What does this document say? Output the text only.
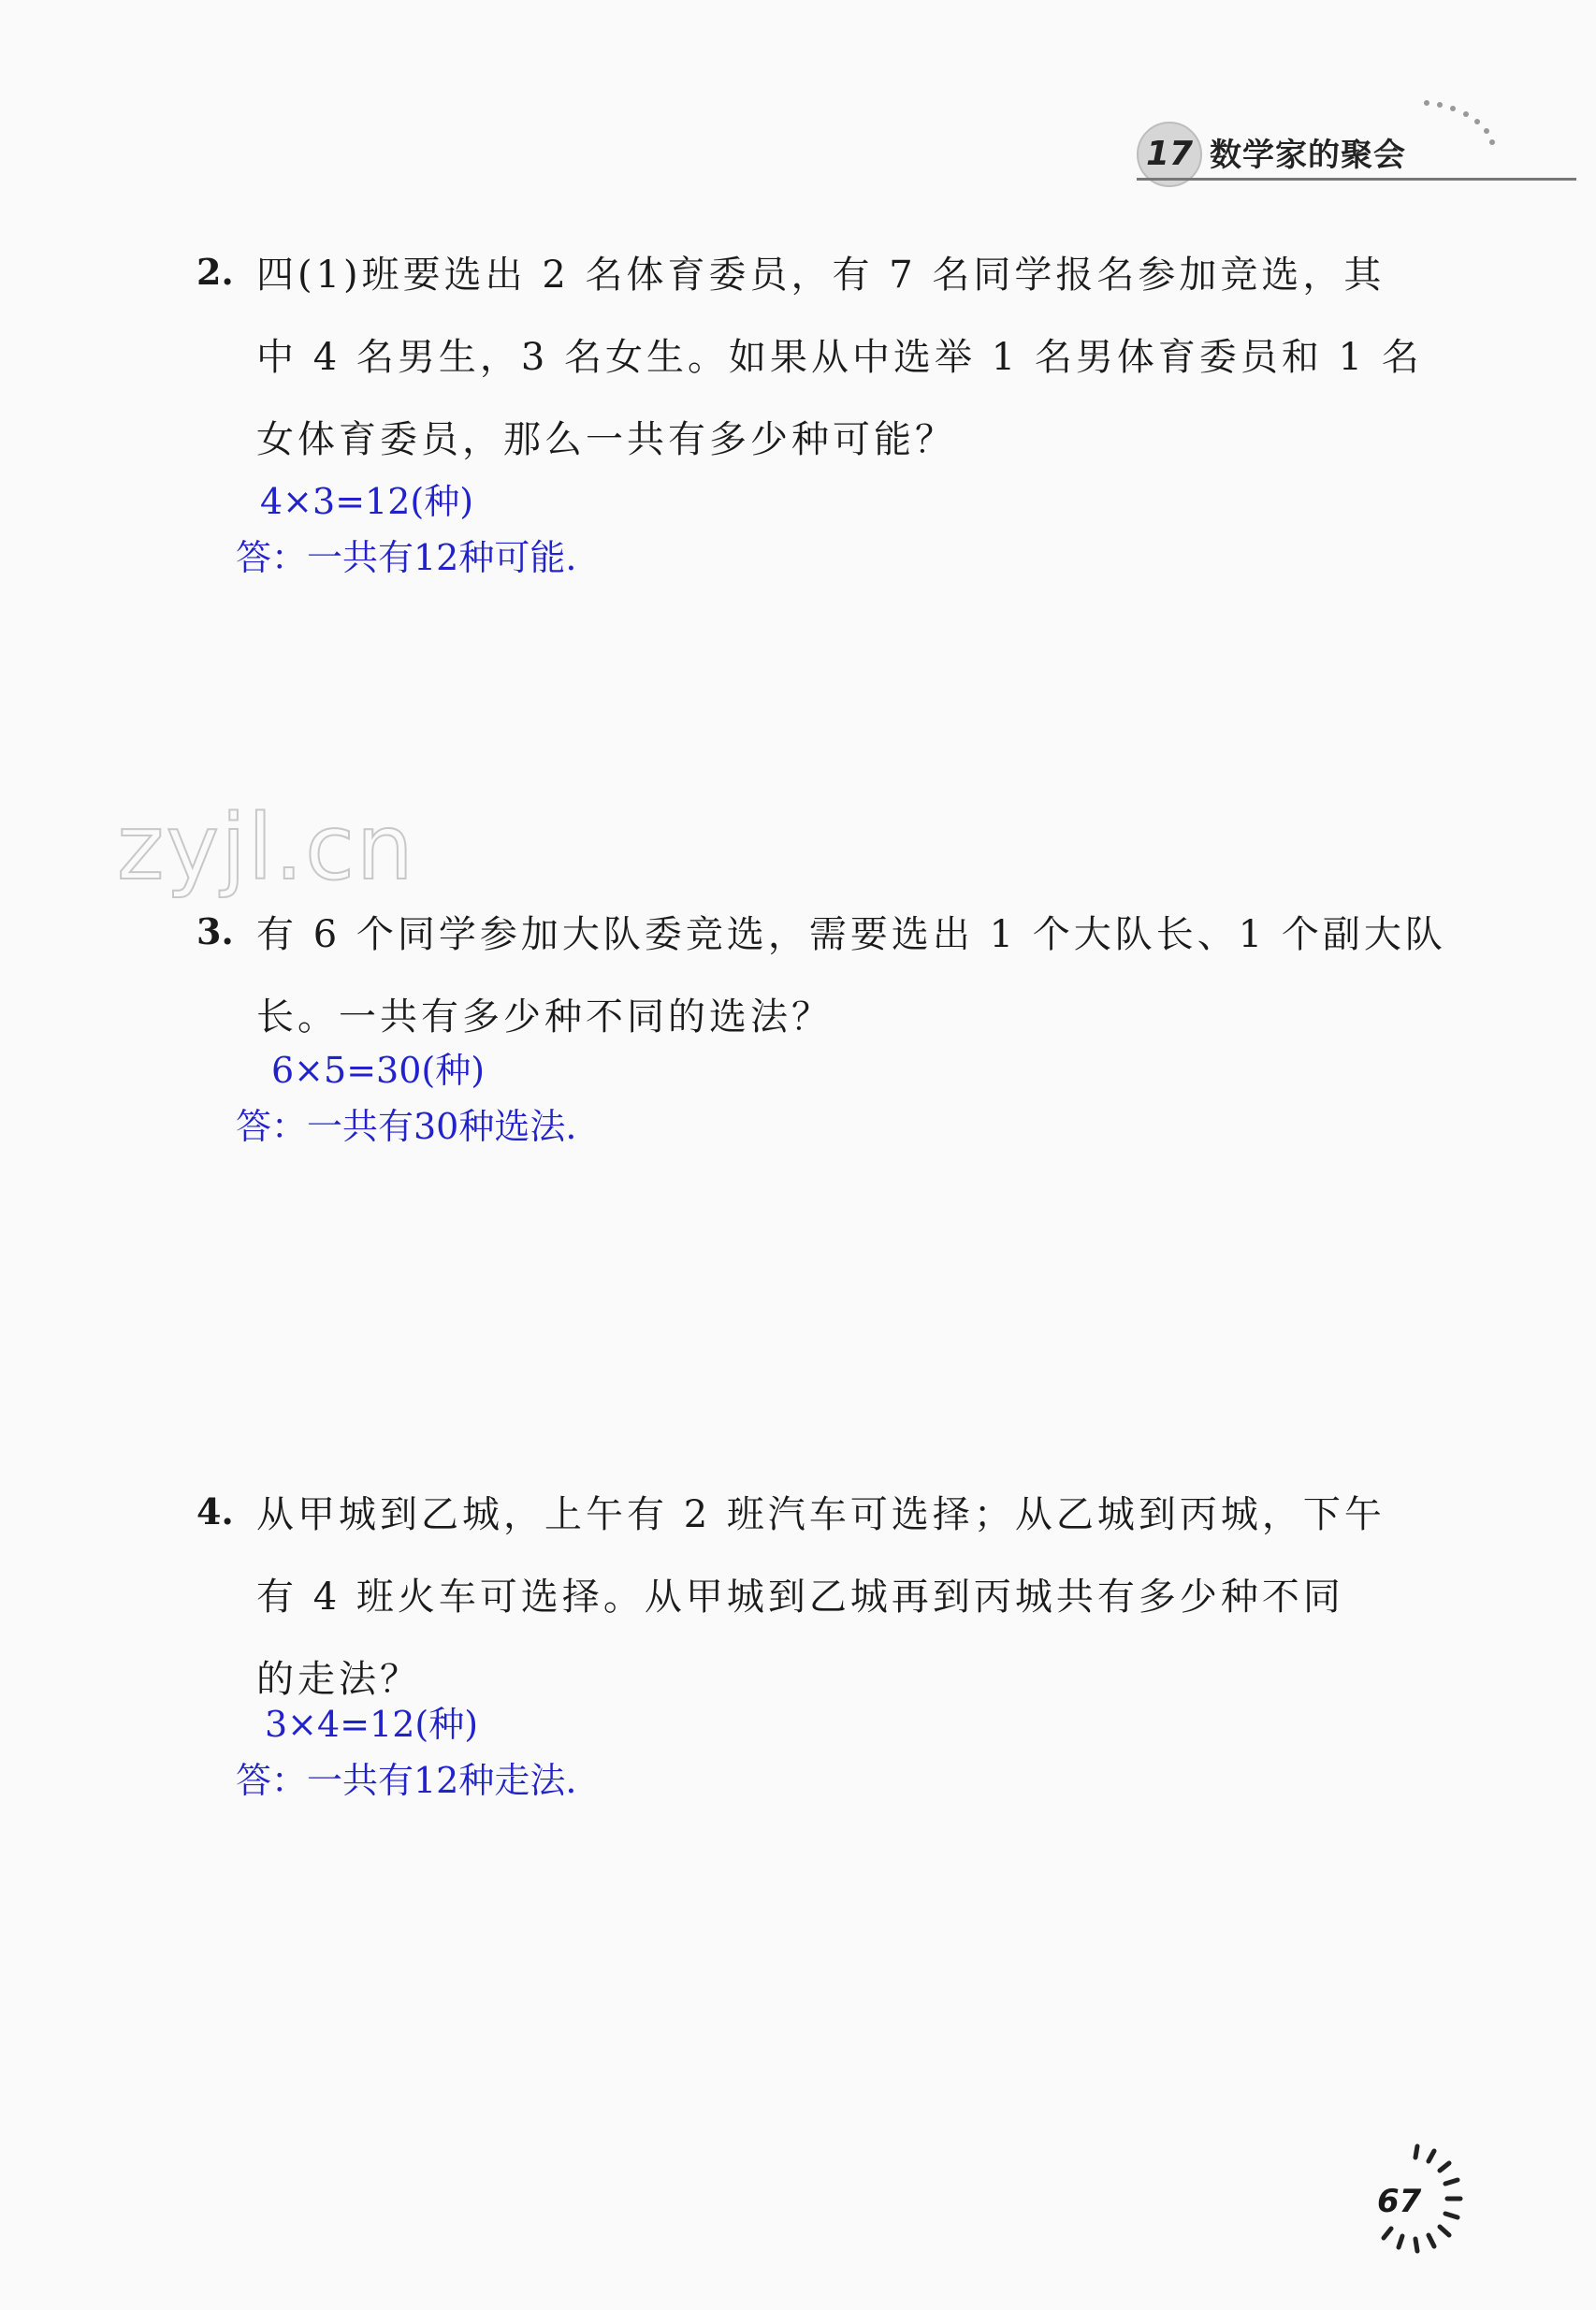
17 数学家的聚会
2. 四(1)班要选出 2 名体育委员，有 7 名同学报名参加竞选，其
中 4 名男生，3 名女生。如果从中选举 1 名男体育委员和 1 名
女体育委员，那么一共有多少种可能？
4×3=12(种)
答：一共有12种可能.
zyjl.cn
3. 有 6 个同学参加大队委竞选，需要选出 1 个大队长、1 个副大队
长。一共有多少种不同的选法？
6×5=30(种)
答：一共有30种选法.
4. 从甲城到乙城，上午有 2 班汽车可选择；从乙城到丙城，下午
有 4 班火车可选择。从甲城到乙城再到丙城共有多少种不同
的走法？
3×4=12(种)
答：一共有12种走法.
67
